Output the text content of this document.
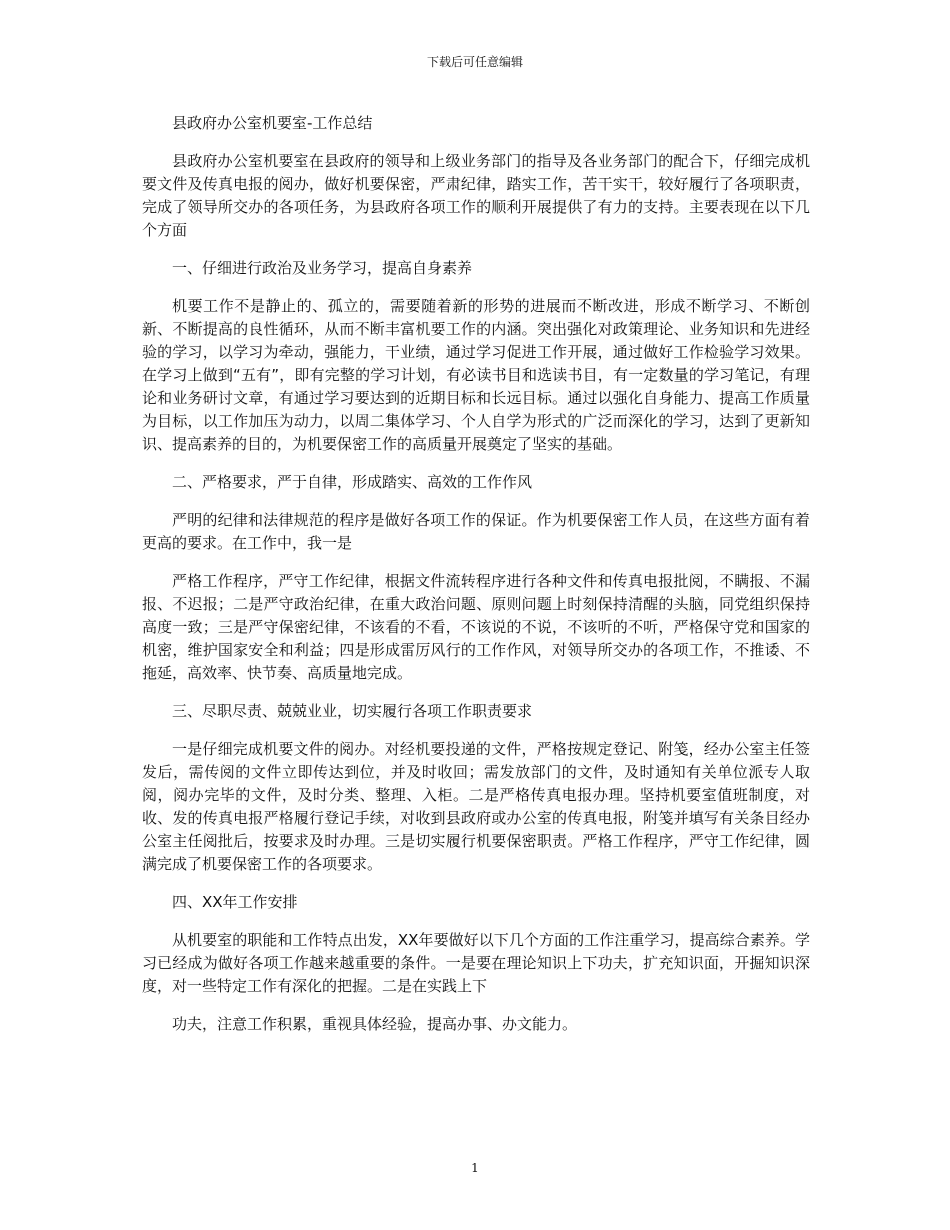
下载后可任意编辑

县政府办公室机要室-工作总结

县政府办公室机要室在县政府的领导和上级业务部门的指导及各业务部门的配合下，仔细完成机要文件及传真电报的阅办，做好机要保密，严肃纪律，踏实工作，苦干实干，较好履行了各项职责，完成了领导所交办的各项任务，为县政府各项工作的顺利开展提供了有力的支持。主要表现在以下几个方面

一、仔细进行政治及业务学习，提高自身素养

机要工作不是静止的、孤立的，需要随着新的形势的进展而不断改进，形成不断学习、不断创新、不断提高的良性循环，从而不断丰富机要工作的内涵。突出强化对政策理论、业务知识和先进经验的学习，以学习为牵动，强能力，干业绩，通过学习促进工作开展，通过做好工作检验学习效果。在学习上做到“五有”，即有完整的学习计划，有必读书目和选读书目，有一定数量的学习笔记，有理论和业务研讨文章，有通过学习要达到的近期目标和长远目标。通过以强化自身能力、提高工作质量为目标，以工作加压为动力，以周二集体学习、个人自学为形式的广泛而深化的学习，达到了更新知识、提高素养的目的，为机要保密工作的高质量开展奠定了坚实的基础。

二、严格要求，严于自律，形成踏实、高效的工作作风

严明的纪律和法律规范的程序是做好各项工作的保证。作为机要保密工作人员，在这些方面有着更高的要求。在工作中，我一是

严格工作程序，严守工作纪律，根据文件流转程序进行各种文件和传真电报批阅，不瞒报、不漏报、不迟报；二是严守政治纪律，在重大政治问题、原则问题上时刻保持清醒的头脑，同党组织保持高度一致；三是严守保密纪律，不该看的不看，不该说的不说，不该听的不听，严格保守党和国家的机密，维护国家安全和利益；四是形成雷厉风行的工作作风，对领导所交办的各项工作，不推诿、不拖延，高效率、快节奏、高质量地完成。

三、尽职尽责、兢兢业业，切实履行各项工作职责要求

一是仔细完成机要文件的阅办。对经机要投递的文件，严格按规定登记、附笺，经办公室主任签发后，需传阅的文件立即传达到位，并及时收回；需发放部门的文件，及时通知有关单位派专人取阅，阅办完毕的文件，及时分类、整理、入柜。二是严格传真电报办理。坚持机要室值班制度，对收、发的传真电报严格履行登记手续，对收到县政府或办公室的传真电报，附笺并填写有关条目经办公室主任阅批后，按要求及时办理。三是切实履行机要保密职责。严格工作程序，严守工作纪律，圆满完成了机要保密工作的各项要求。

四、XX年工作安排

从机要室的职能和工作特点出发，XX年要做好以下几个方面的工作注重学习，提高综合素养。学习已经成为做好各项工作越来越重要的条件。一是要在理论知识上下功夫，扩充知识面，开掘知识深度，对一些特定工作有深化的把握。二是在实践上下

功夫，注意工作积累，重视具体经验，提高办事、办文能力。

1
